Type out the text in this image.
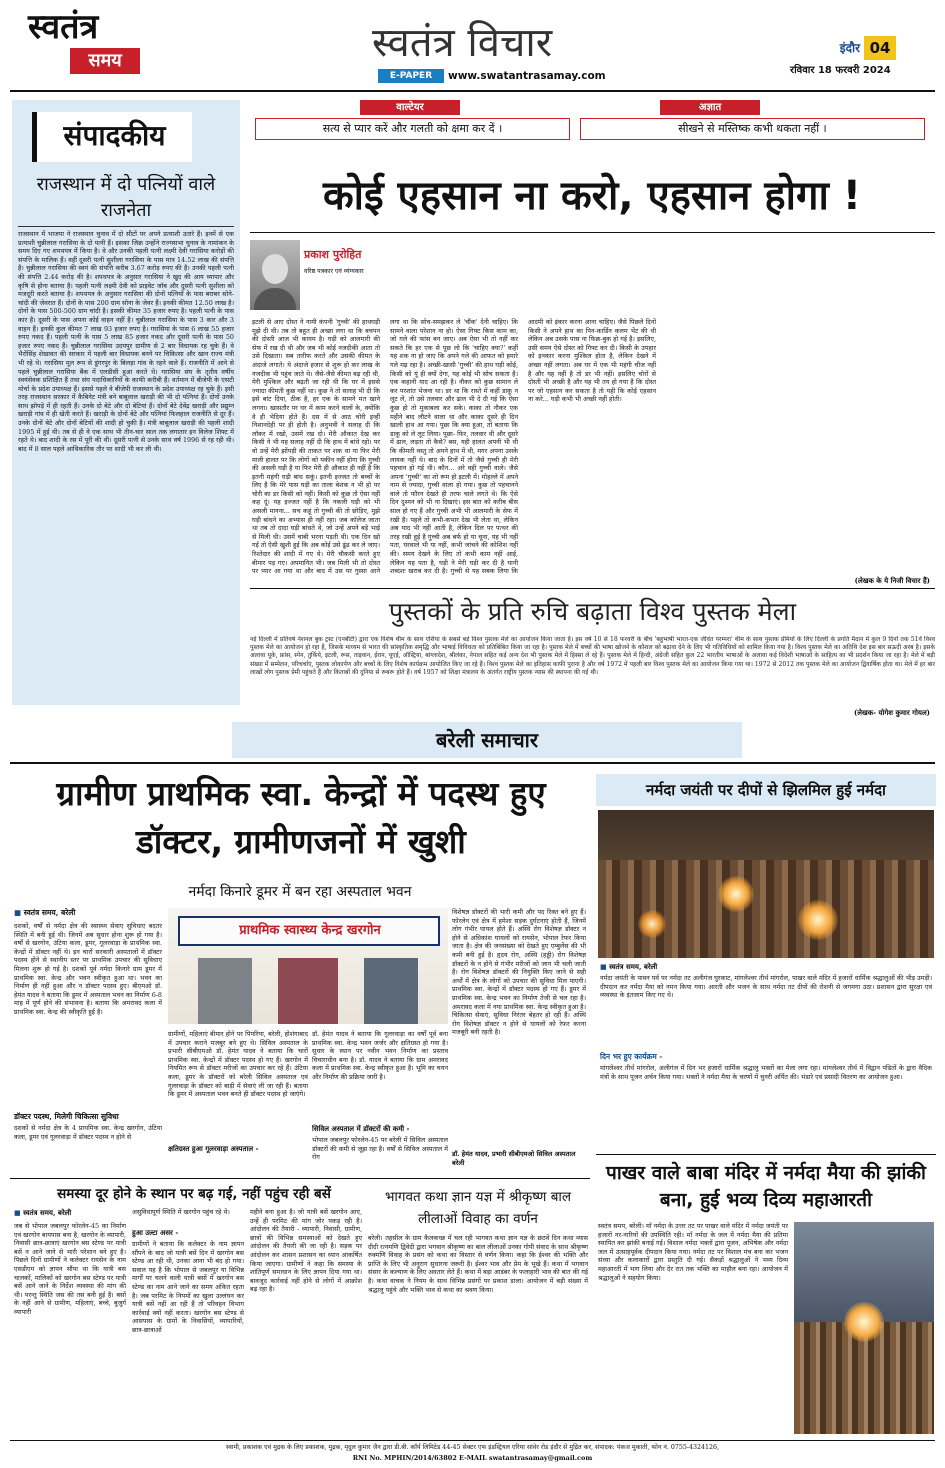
स्वतंत्र
समय	स्वतंत्र विचार
E-PAPER	www.swatantrasamay.com
इंदौर 04
रविवार 18 फरवरी 2024
संपादकीय
राजस्थान में दो पत्नियों वाले राजनेता
राजस्थान में भाजपा ने राजस्थान चुनाव में दो सीटों पर अपने प्रत्याशी उतारे हैं। इनमें से एक प्रत्याशी चुन्नीलाल गरासिया के दो पत्नी हैं। इसका जिक्र उन्होंने राज्यसभा चुनाव के नामांकन के समय दिए गए शपथपत्र में किया है। वे और उनकी पहली पत्नी लक्ष्मी देवी गरासिया करोड़ों की संपत्ति के मालिक हैं। वहीं दूसरी पत्नी सुशीला गरासिया के पास मात्र 14.52 लाख की संपत्ति है। चुन्नीलाल गरासिया की स्वयं की संपत्ति करीब 3.67 करोड़ रुपए की है। उनकी पहली पत्नी की संपत्ति 2.44 करोड़ की है। शपथपत्र के अनुसार गरासिया ने खुद की आय व्यापार और कृषि से होना बताया है। पहली पत्नी लक्ष्मी देवी को प्राइवेट जॉब और दूसरी पत्नी सुशीला को मजदूरी करते बताया है। शपथपत्र के अनुसार गरासिया की दोनों पत्नियों के पास बराबर सोने-चांदी की जेवरात हैं। दोनों के पास 200 ग्राम सोना के जेवर हैं। इनकी कीमत 12.50 लाख है। दोनों के पास 500-500 ग्राम चांदी है। इसकी कीमत 35 हजार रुपए है। पहली पत्नी के पास कार है। दूसरी के पास अपना कोई वाहन नहीं है। चुन्नीलाल गरासिया के पास 3 कार और 3 वाहन हैं। इनकी कुल कीमत 7 लाख 93 हजार रुपए है। गरासिया के पास 6 लाख 55 हजार रुपए नकद हैं। पहली पत्नी के पास 5 लाख 85 हजार नकद और दूसरी पत्नी के पास 50 हजार रुपए नकद हैं। चुन्नीलाल गरासिया उदयपुर ग्रामीण से 2 बार विधायक रह चुके हैं। वे भैरोंसिंह शेखावत की सरकार में पहली बार विधायक बनने पर चिकित्सा और खान राज्य मंत्री भी रहे थे। गरासिया मूल रूप से डूंगरपुर के बिलड़ा गांव के रहने वाले हैं। राजनीति में आने से पहले चुन्नीलाल गरासिया बैंक में एलडीसी हुआ करते थे। गरासिया संघ के तृतीय वर्षीय स्वयंसेवक प्रशिक्षित हैं तथा संघ पदाधिकारियों के काफी करीबी हैं। वर्तमान में बीजेपी के एसटी मोर्चा के प्रदेश उपाध्यक्ष हैं। इससे पहले वे बीजेपी राजस्थान के प्रदेश उपाध्यक्ष रह चुके हैं। इसी तरह राजस्थान सरकार में कैबिनेट मंत्री बने बाबूलाल खराड़ी की भी दो पत्नियां हैं। दोनों उनके साथ झोपड़े में ही रहती हैं। उनके दो बेटे और दो बेटियां हैं। दोनों बेटे देवेंद्र खराड़ी और प्रद्युम्न खराड़ी गांव में ही खेती करते हैं। खराड़ी के दोनों बेटे और पत्नियां फिलहाल राजनीति से दूर हैं। उनके दोनों बेटे और दोनों बेटियों की शादी हो चुकी है। मंत्री बाबूलाल खराड़ी की पहली शादी 1995 में हुई थी। तब से ही वे एक साथ भी तीन-चार साल तक लगातार इन विलेज शिफ्ट में रहते थे। बाद शादी के रस में पूरी की थी। दूसरी पत्नी से उनके साथ वर्ष 1996 से रह रही थी। बाद में 8 साल पहले आधिकारिक तौर पर शादी भी कर ली थी।
वाल्टेयर
सत्य से प्यार करें और गलती को क्षमा कर दें ।
अज्ञात
सीखने से मस्तिष्क कभी थकता नहीं ।
कोई एहसान ना करो, एहसान होगा !
प्रकाश पुरोहित
वरिष्ठ पत्रकार एवं व्यंग्यकार
इटली से आए दोस्त ने नामी कंपनी 'गुच्ची' की हाथघड़ी मुझे दी थी। तब तो बहुत ही अच्छा लगा था कि बचपन की दोस्ती आज भी कायम है। घड़ी को आलमारी की सेफ में रख दी थी और जब भी कोई नजदीकी आता तो उसे दिखाता। सब तारीफ करते और उसकी कीमत के अंदाजे लगाते। ये अंदाजे हजार से शुरू हो कर लाख के नजदीक भी पहुंच जाते थे। जैसे-जैसे कीमत बढ़ रही थी, मेरी मुश्किल और बढ़ती जा रही थी कि घर में इससे ज्यादा कीमती कुछ नहीं था। कुछ ने तो सलाह भी दी कि इसे बांट दिया, ठीक है, हर एक के सामने मत खाने लगना। खासतौर पर घर में काम करने वालों के, क्योंकि वे ही भेदिया होते हैं। दस में से आठ चोरी इन्हीं निशानदेही पर ही होती है। अनुभवी ने सलाह दी कि लॉकर में रखो, उसमें रख दो। मेरी औकात देख कर किसी ने भी यह सलाह नहीं दी कि हाथ में बांधे रहो। पर वो उन्हें मेरी झोंपड़ी की ताकत पर शक था या फिर मेरी माली हालत पर कि लोगों को यकीन नहीं होगा कि गुच्ची की असली घड़ी है या फिर मेरी ही औकात ही नहीं है कि इतनी महंगी घड़ी बांध सकूं। इतनी इज्जत तो बच्चों के लिए है कि मेरे पास घड़ी का ताला बेशक न भी हो पर चोरी का डर किसी को नहीं। किसी को कुछ तो ऐसा नहीं कह दूं। यह इज्जत नहीं है कि नकली घड़ी को भी असली मानना... सच कहूं तो गुच्ची की तो छोड़िए, मुझे घड़ी बांधने का अभ्यास ही नहीं रहा। जब कॉलेज जाता था तब तो दादा घड़ी बांधते थे, जो उन्हें अपने बड़े भाई से मिली थी। उसमें चाबी भरना पड़ती थी। एक दिन खो गई तो ऐसी खुशी हुई कि अब कोई उसे ढूंढ कर ले जाए। रिश्तेदार की शादी में गए थे। मेरी चौकसी करते हुए बीमार पड़ गए। अपमानित भी। जब मिली भी तो दोस्त पर प्यार आ गया था और बाद में उस पर गुस्सा आने लगा था कि सोच-समझकर ले 'चौंक' देनी चाहिए। कि सामने वाला परेशान ना हो। ऐसा गिफ्ट किस काम का, जो गले की फांस बन जाए। अब ऐसा भी तो नहीं कर सकते कि हर एक से पूछ लो कि 'चाहिए क्या?' कहीं यह शक ना हो जाए कि अपने गले की आफत को हमारे गले मढ़ रहा है। अच्छी-खासी 'गुच्ची' की हाथ घड़ी कोई, किसी को यूं ही क्यों देगा, यह कोई भी सोच सकता है। एक कहानी याद आ रही है। नौकर को कुछ सामान ले कर परशांत भेजना था। डर था कि रास्ते में कहीं डाकू न लूट लें, तो उसे तलवार और ढाल भी दे दी गई कि ऐसा कुछ हो तो मुकाबला कर सके। काका तो नौकर एक महीने बाद लौटने वाला था और काका दूसरे ही दिन खाली हाथ आ गया। पूछा कि क्या हुआ, तो बताया कि डाकू को ले लूट लिया। पूछा- फिर, तलवार थी और दूसरे में ढाल, लड़ता तो कैसे? बस, यही हालत अपनी भी थी कि कीमती वस्तु तो अपने हाथ में थी, मगर अपना उसके लायक नहीं थे। बाद के दिनों में तो जैसे गुच्ची ही मेरी पहचान हो गई थी। कौन... अरे वही गुच्ची वाले। जैसे अपना 'गुच्ची' का शो रूम हो इटली में। मोहल्ले में अपने नाम से ज्यादा, गुच्ची वाला हो गया। कुछ तो पहचानने वाले तो फौरन देखते ही तरफ चाले लगते थे। कि ऐसे दिन दुश्मन को भी ना दिखाएं। इस बात को करीब बीस साल हो गए हैं और गुच्ची अभी भी आलमारी के सेफ में रखी है। पहले तो कभी-कभार देख भी लेता था, लेकिन अब याद भी नहीं आती है, लेकिन दिल पर पत्थर की तरह रखी हुई है गुच्ची अब बर्फ हो या चूना, यह भी नहीं पता, घरवाले भी या नहीं, कभी जांचने की कोशिश नहीं की। समय देखने के लिए तो कभी काम नहीं आई, लेकिन यह पता है, घड़ी ने मेरी घड़ी कर दी है यानी शब्दशः खराब कर दी है। गुच्ची से यह सबक लिया कि आदमी को इंकार करना आना चाहिए। जैसे पिछले दिनों किसी ने अपने हाथ का पिन-कार्डिन कलम भेंट की थी लेकिन अब उसके पास ना फिक्र-बुक हो गई है। इसलिए, उसी समय ऐसे दोस्त को गिफ्ट कर दी। किसी के उपहार को इनकार करना मुश्किल होता है, लेकिन देखने में अच्छा नहीं लगता। अब घर में एक भी महंगी चीज नहीं है और यह नहीं है तो डर भी नहीं। इसलिए चोरों से दोस्ती भी अच्छी है और यह भी तय हो गया है कि दोस्त पर जो एहसान कर सकता है तो यही कि कोई एहसान ना करे... घड़ी कभी भी अच्छी नहीं होती।
(लेखक के ये निजी विचार हैं)
पुस्तकों के प्रति रुचि बढ़ाता विश्व पुस्तक मेला
नई दिल्ली में प्रतिवर्ष नेशनल बुक ट्रस्ट (एनबीटी) द्वारा एक विशेष थीम के साथ एशिया के सबसे बड़े विश्व पुस्तक मेले का आयोजन किया जाता है। इस वर्ष 10 से 18 फरवरी के बीच 'बहुभाषी भारत-एक जीवंत परम्परा' थीम के साथ पुस्तक प्रेमियों के लिए दिल्ली के प्रगति मैदान में कुल 9 दिनों तक 51वें विश्व पुस्तक मेले का आयोजन हो रहा है, जिसके माध्यम से भारत की सांस्कृतिक समृद्धि और भाषाई विविधता को प्रतिबिंबित किया जा रहा है। पुस्तक मेले में बच्चों की भाषा खोजने के कौशल को बढ़ावा देने के लिए भी गतिविधियों को शामिल किया गया है। विश्व पुस्तक मेले का अतिथि देश इस बार सऊदी अरब है। इसके अलावा यूके, फ्रांस, स्पेन, तुर्किये, इटली, रूस, ताइवान, ईरान, यूएई, ऑस्ट्रिया, बांग्लादेश, श्रीलंका, नेपाल सहित कई अन्य देश भी पुस्तक मेले में हिस्सा ले रहे हैं। पुस्तक मेले में हिन्दी, अंग्रेजी सहित कुल 22 भारतीय भाषाओं के अलावा कई विदेशी भाषाओं के साहित्य का भी प्रदर्शन किया जा रहा है। मेले में बड़ी संख्या में सम्मेलन, परिचर्चाएं, पुस्तक लोकार्पण और बच्चों के लिए विशेष कार्यक्रम आयोजित किए जा रहे हैं। विश्व पुस्तक मेले का इतिहास काफी पुराना है और वर्ष 1972 में पहली बार विश्व पुस्तक मेले का आयोजन किया गया था। 1972 से 2012 तक पुस्तक मेले का आयोजन द्विवार्षिक होता था। मेले में हर बार लाखों लोग पुस्तक प्रेमी पहुंचते हैं और किताबों की दुनिया से रूबरू होते हैं। वर्ष 1957 को शिक्षा मंत्रालय के अंतर्गत राष्ट्रीय पुस्तक न्यास की स्थापना की गई थी।
(लेखक- योगेश कुमार गोयल)
बरेली समाचार
ग्रामीण प्राथमिक स्वा. केन्द्रों में पदस्थ हुए डॉक्टर, ग्रामीणजनों में खुशी
नर्मदा किनारे डूमर में बन रहा अस्पताल भवन
■ स्वतंत्र समय, बरेली
दशकों, वर्षों से नर्मदा क्षेत्र की स्वास्थ्य सेवाए सुविधाए बदतर स्थिति में बनी हुई थी। जिनमें अब सुधार होना शुरू हो गया है। वर्षों से खरगोन, उंटिया कला, डूमर, गूलरवाड़ा के प्राथमिक स्वा. केन्द्रों में डॉक्टर नहीं थे। इन चारों सरकारी अस्पतालों में डॉक्टर पदस्थ होने से स्थानीय स्तर पर प्राथमिक उपचार की सुविधाए मिलना शुरू हो गई है। दशकों पूर्व नर्मदा किनारे ग्राम डूमर में प्राथमिक स्वा. केन्द्र और भवन स्वीकृत हुआ था। भवन का निर्माण ही नहीं हुआ और न डॉक्टर पदस्थ हुए। बीएमओ डॉ. हेमंत यादव ने बताया कि डूमर में अस्पताल भवन का निर्माण 6-8 माह में पूर्ण होने की संभावना है। बताया कि अमरावद कला में प्राथमिक स्वा. केन्द्र की स्वीकृति हुई है।
डॉक्टर पदस्थ, मिलेगी चिकित्सा सुविधा
दशकों से नर्मदा क्षेत्र के 4 प्राथमिक स्वा. केन्द्र खरगोन, उंटिया कला, डूमर एवं गूलरवाड़ा में डॉक्टर पदस्थ न होने से
प्राथमिक स्वास्थ्य केन्द्र खरगोन
ग्रामीणों, महिलाएं बीमार होने पर पिपरिया, बरेली, होशंगाबाद में उपचार कराने मजबूर बने हुए थे। सिविल अस्पताल के प्रभारी सीबीएमओ डॉ. हेमंत यादव ने बताया कि चारों प्राथमिक स्वा. केन्द्रों में डॉक्टर पदस्थ हो गए हैं। खरगोन में नियमित रूप से डॉक्टर मरीजों का उपचार कर रहे हैं। उंटिया कला, डूमर के डॉक्टरों को बरेली सिविल अस्पताल एवं गूलरवाड़ा के डॉक्टर को बाड़ी में सेवाएं ली जा रही हैं। बताया कि डूमर में अस्पताल भवन बनते ही डॉक्टर पदस्थ हो जाएंगे।
क्षतिग्रस्त हुआ गूलरवाड़ा अस्पताल -
डॉ. हेमंत यादव ने बताया कि गूलरवाड़ा का वर्षों पूर्व बना प्राथमिक स्वा. केन्द्र भवन जर्जर और क्षतिग्रस्त हो गया है। सुधार के स्थान पर नवीन भवन निर्माण का प्रस्ताव विचाराधीन बना है। डॉ. यादव ने बताया कि ग्राम अमरावद कला में प्राथमिक स्वा. केन्द्र स्वीकृत हुआ है। भूमि का चयन और निर्माण की प्रक्रिया जारी है।
सिविल अस्पताल में डॉक्टरों की कमी -
भोपाल जबलपुर फोरलेन-45 पर बरेली में सिविल अस्पताल डॉक्टरों की कमी से जूझ रहा है। वर्षों से सिविल अस्पताल में रोग
विशेषज्ञ डॉक्टरों की भारी कमी और पद रिक्त बने हुए हैं। फोरलेन एवं क्षेत्र में हमेशा सड़क दुर्घटनाएं होती हैं, जिनमें लोग गंभीर घायल होते हैं। अस्थि रोग विशेषज्ञ डॉक्टर न होने से अधिकांश घायलों को रायसेन, भोपाल रेफर किया जाता है। क्षेत्र की जनसंख्या को देखते हुए एम्बुलेंस की भी कमी बनी हुई है। हृदय रोग, अस्थि (हड्डी) रोग विशेषज्ञ डॉक्टरों के न होने से गंभीर मरीजों को जान भी चली जाती है। रोग विशेषज्ञ डॉक्टरों की नियुक्ति किए जाने से सही अर्थों में क्षेत्र के लोगों को उपचार की सुविधा मिल पाएगी। प्राथमिक स्वा. केन्द्रों में डॉक्टर पदस्थ हो गए हैं। डूमर में प्राथमिक स्वा. केन्द्र भवन का निर्माण तेजी से चल रहा है। अमरावद कला में नया प्राथमिक स्वा. केन्द्र स्वीकृत हुआ है। चिकित्सा सेवाएं, सुविधा निरंतर बेहतर हो रही हैं। अस्थि रोग विशेषज्ञ डॉक्टर न होने से घायलों को रेफर करना मजबूरी बनी रहती है।
डॉ. हेमंत यादव, प्रभारी सीबीएमओ सिविल अस्पताल बरेली
समस्या दूर होने के स्थान पर बढ़ गई, नहीं पहुंच रही बसें
■ स्वतंत्र समय, बरेली
जब से भोपाल जबलपुर फोरलेन-45 का निर्माण एवं खरगोन बायपास बना है, खरगोन के व्यापारी, निवासी छात्र-छात्राएं खरगोन बस स्टेण्ड पर यात्री बसें न आने जाने से भारी परेशान बने हुए है। पिछले दिनों ग्रामीणों ने कलेक्टर रायसेन के नाम एसडीएम को ज्ञापन सौंपा था कि यात्री बस चालकों, मालिकों को खरगोन बस स्टेण्ड पर यात्री बसें आने जाने के निर्देश व्यवस्था की मांग की थी। परन्तु स्थिति जस की तस बनी हुई है। बसों के नहीं आने से ग्रामीण, महिलाएं, बच्चे, बुजुर्ग व्यापारी
असुविधापूर्ण स्थिति में खरगोन पहुंच रहे थे।
हुआ उल्टा असर -
ग्रामीणों ने बताया कि कलेक्टर के नाम ज्ञापन सौंपने के बाद जो यात्री बसें दिन में खरगोन बस स्टेण्ड आ रही थी, उनका आना भी बंद हो गया। सवाल यह है कि भोपाल से जबलपुर या विभिन्न मार्गों पर चलने वाली यात्री बसों में खरगोन बस स्टेण्ड का नाम आने जाने का समय अंकित रहता है। जब परमिट के नियमों का खुला उल्लंघन कर यात्री बसें नहीं आ रही हैं तो परिवहन विभाग कार्रवाई क्यों नहीं करता। खरगोन बस स्टेण्ड से आसपास के ग्रामों के निवासियों, व्यापारियों, छात्र-छात्राओं
महीने बना हुआ है। जो यात्री बसें खरगोन आए, उन्हें ही परमिट की मांग जोर पकड़ रही है। आंदोलन की तैयारी - व्यापारी, निवासी, ग्रामीण, छात्रों की विभिन्न समस्याओं को देखते हुए आंदोलन की तैयारी की जा रही है। सड़क पर आंदोलन कर शासन प्रशासन का ध्यान आकर्षित किया जाएगा। ग्रामीणों ने कहा कि समस्या के शांतिपूर्ण समाधान के लिए ज्ञापन दिया गया था। बावजूद कार्रवाई नहीं होने से लोगों में आक्रोश बढ़ रहा है।
भागवत कथा ज्ञान यज्ञ में श्रीकृष्ण बाल लीलाओं विवाह का वर्णन
बरेली। तहसील के ग्राम कैलकच्छ में चल रही भागवत कथा ज्ञान यज्ञ के छठवें दिन कथा व्यास दीदी रत्नमणि द्विवेदी द्वारा भगवान श्रीकृष्ण का बाल लीलाओं उनका गोपी संवाद के साथ श्रीकृष्ण रुक्मणि विवाह के प्रसंग को कथा का विस्तार से वर्णन किया। कहा कि ईश्वर की भक्ति और प्राप्ति के लिए भी अनुराग सुधारना जरूरी है। ईश्वर भाव और प्रेम के भूखे हैं। कथा में भगवान संसार के कल्याण के लिए अवतार लेते हैं। कथा में बड़ा आडंबर के फलाहारी भाव की बात की गई है। कथा वाचक ने नियम के साथ विभिन्न प्रसंगों पर प्रकाश डाला। आयोजन में बड़ी संख्या में श्रद्धालु पहुंचे और भक्ति भाव से कथा का श्रवण किया।
नर्मदा जयंती पर दीपों से झिलमिल हुई नर्मदा
■ स्वतंत्र समय, बरेली
नर्मदा जयंती के पावन पर्व पर नर्मदा तट अलीगंज घुरकाट, मांगलेश्वर तीर्थ मांगरोल, पाखर वाले मंदिर में हजारों धार्मिक श्रद्धालुओं की भीड़ उमड़ी। दीपदान कर नर्मदा मैया को नमन किया गया। आरती और भजन के साथ नर्मदा तट दीपों की रोशनी से जगमगा उठा। प्रशासन द्वारा सुरक्षा एवं व्यवस्था के इंतजाम किए गए थे।
दिन भर हुए कार्यक्रम -
मांगलेश्वर तीर्थ मांगरोल, अलीगंज में दिन भर हजारों धार्मिक श्रद्धालु भक्तों का मेला लगा रहा। मांगलेश्वर तीर्थ में विद्वान पंडितों के द्वारा वैदिक मंत्रों के साथ पूजन अर्चन किया गया। भक्तों ने नर्मदा मैया के चरणों में चुनरी अर्पित की। भंडारे एवं प्रसादी वितरण का आयोजन हुआ।
पाखर वाले बाबा मंदिर में नर्मदा मैया की झांकी बना, हुई भव्य दिव्य महाआरती
स्वतंत्र समय, बरेली। माँ नर्मदा के उत्तर तट पर पाखर वाले मंदिर में नर्मदा जयंती पर हजारों नर-नारियों की उपस्थिति रही। माँ नर्मदा के जल में नर्मदा मैया की प्रतिमा स्थापित कर झांकी बनाई गई। विशाल नर्मदा भक्तों द्वारा पूजन, अभिषेक और नर्मदा जल में उत्साहपूर्वक दीपदान किया गया। नर्मदा तट पर विशाल मंच बना कर भजन संध्या और कलाकारों द्वारा प्रस्तुति दी गई। सैकड़ों श्रद्धालुओं ने भव्य दिव्य महाआरती में भाग लिया और देर रात तक भक्ति का माहौल बना रहा। आयोजन में श्रद्धालुओं ने सहयोग किया।
स्वामी, प्रकाशक एवं मुद्रक के लिए प्रकाशक, मुद्रक, मृदुल कुमार जैन द्वारा डी.बी. कॉर्प लिमिटेड 44-45 सेक्टर एफ इंडस्ट्रियल एरिया सांवेर रोड इंदौर से मुद्रित कर, संपादक: पंकज मुकाती, फोन नं. 0755-4324126,
RNI No. MPHIN/2014/63802 E-MAIL swatantrasamay@gmail.com
